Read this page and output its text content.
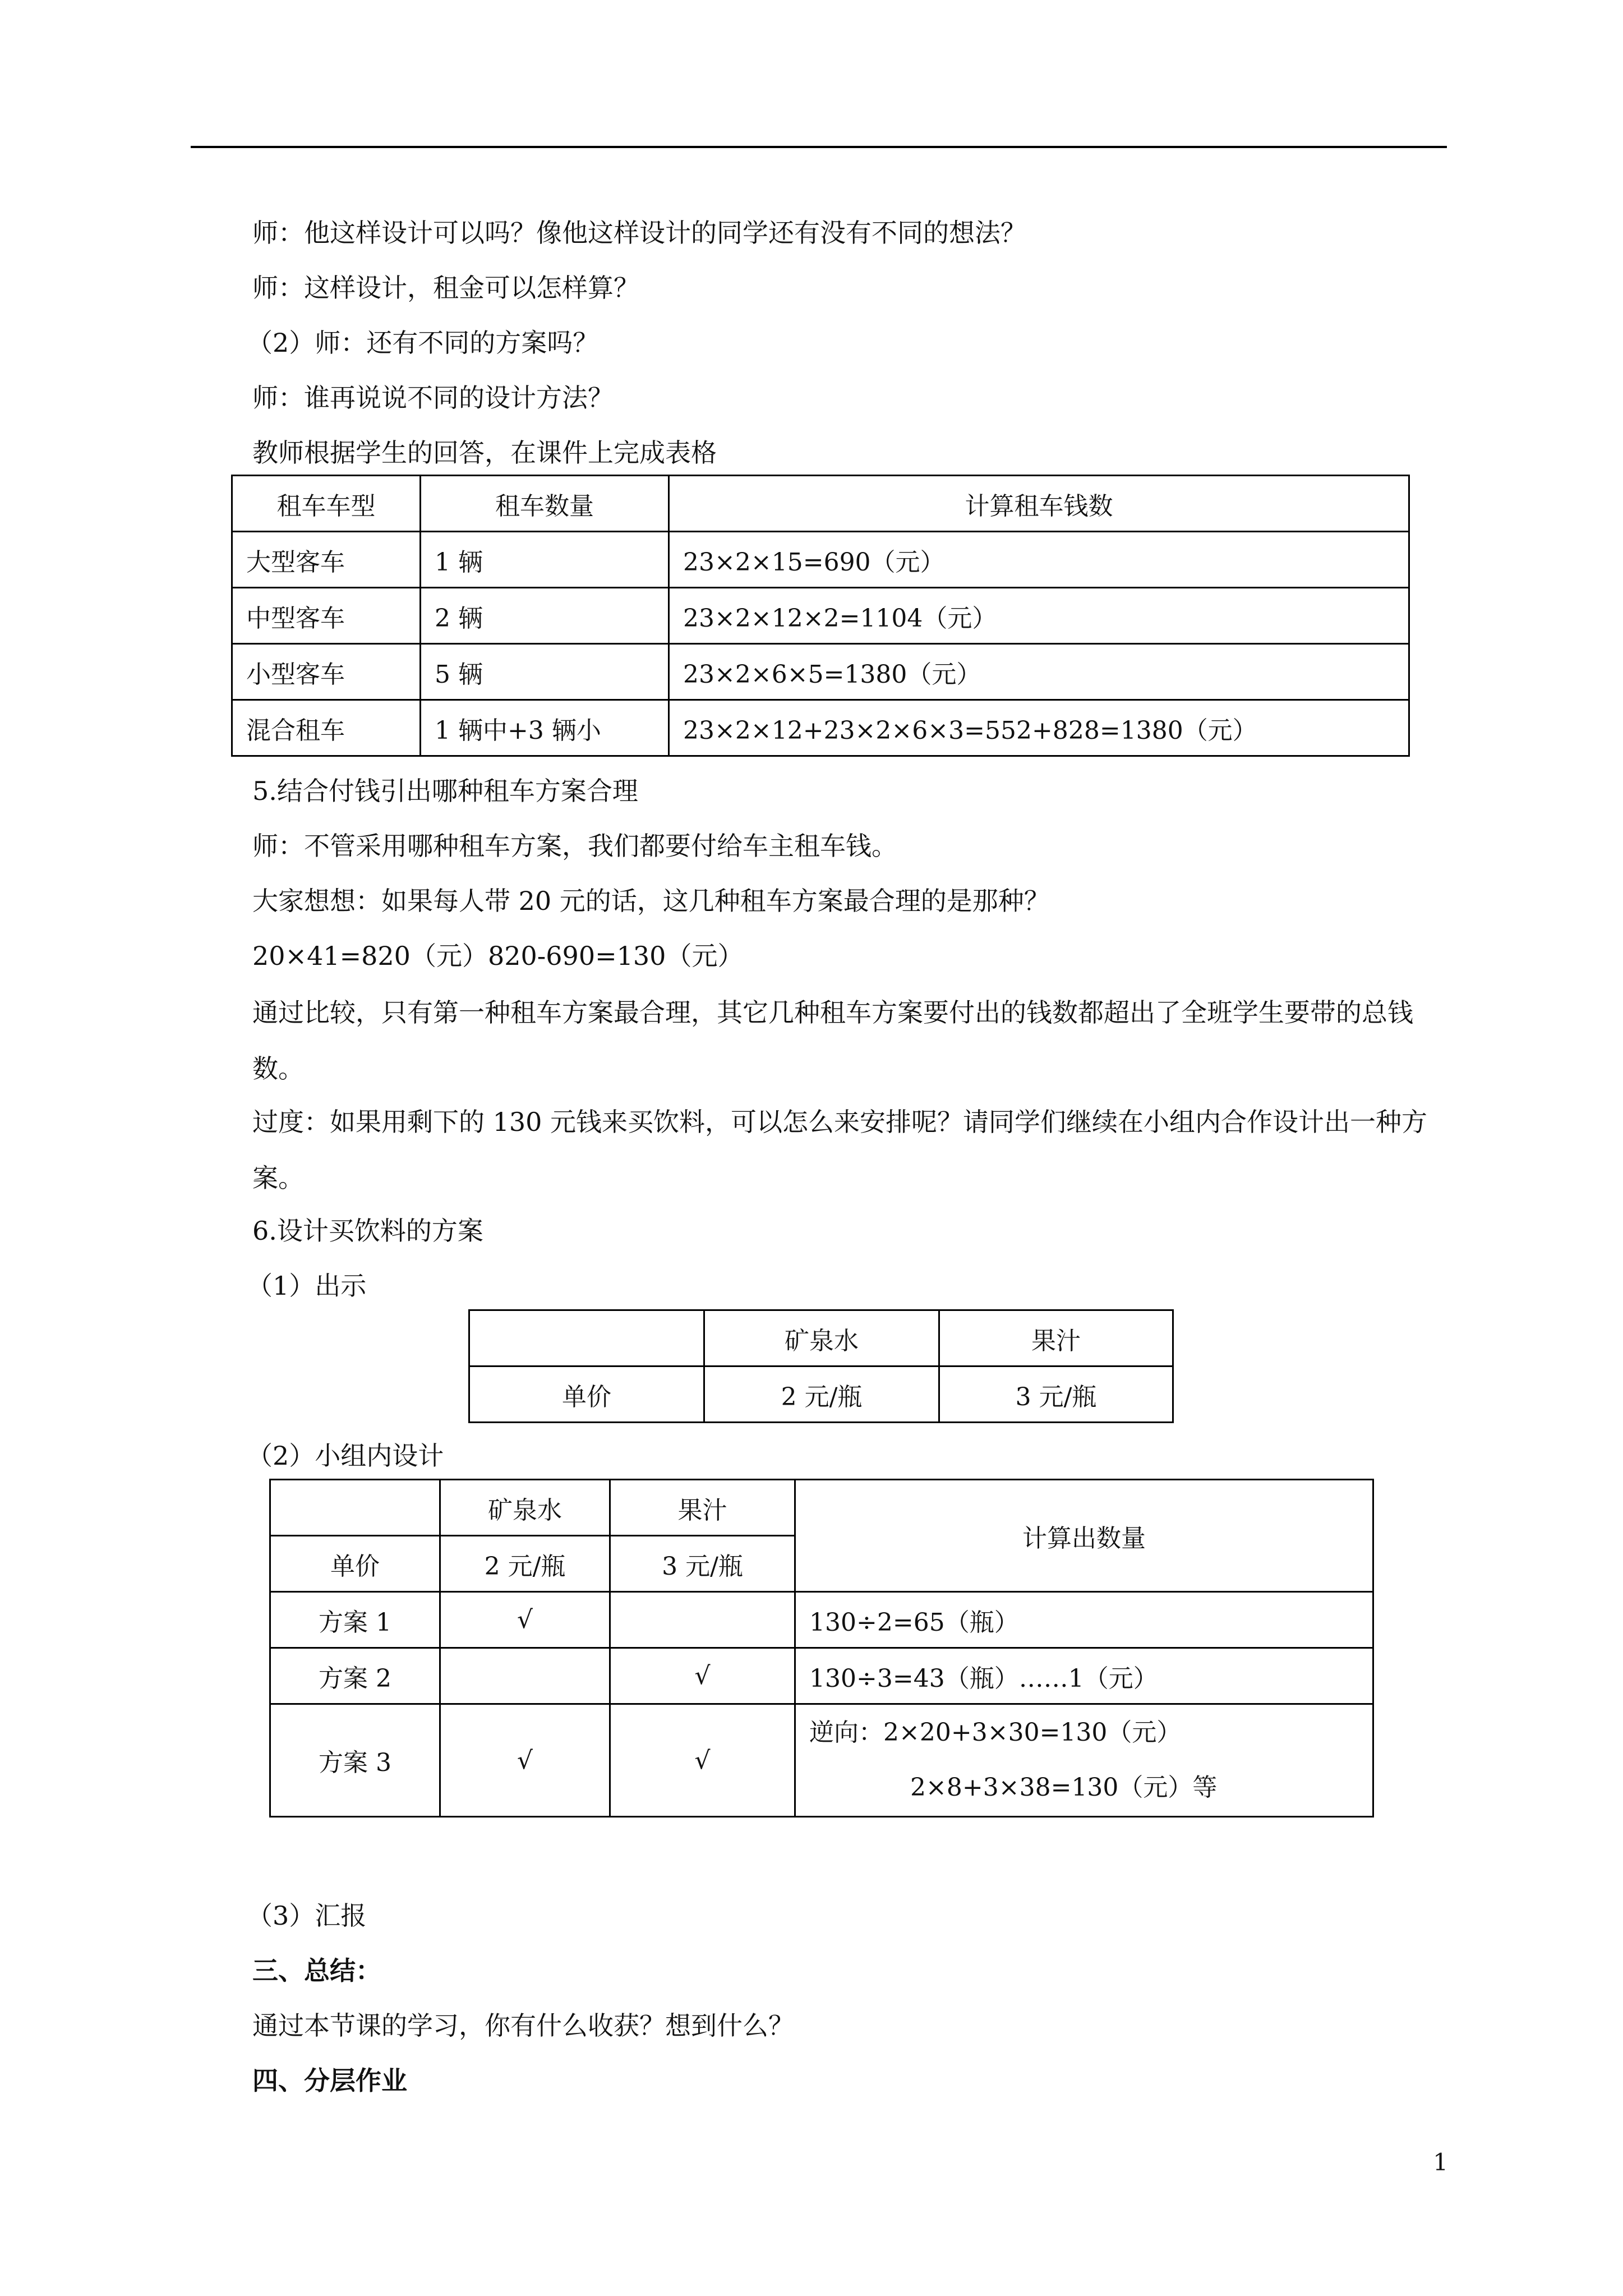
师：他这样设计可以吗？像他这样设计的同学还有没有不同的想法？
师：这样设计，租金可以怎样算？
（2）师：还有不同的方案吗？
师：谁再说说不同的设计方法？
教师根据学生的回答，在课件上完成表格
租车车型	租车数量	计算租车钱数
大型客车	1 辆	23×2×15=690（元）
中型客车	2 辆	23×2×12×2=1104（元）
小型客车	5 辆	23×2×6×5=1380（元）
混合租车	1 辆中+3 辆小	23×2×12+23×2×6×3=552+828=1380（元）
5.结合付钱引出哪种租车方案合理
师：不管采用哪种租车方案，我们都要付给车主租车钱。
大家想想：如果每人带 20 元的话，这几种租车方案最合理的是那种？
20×41=820（元）820-690=130（元）
通过比较，只有第一种租车方案最合理，其它几种租车方案要付出的钱数都超出了全班学生要带的总钱数。
过度：如果用剩下的 130 元钱来买饮料，可以怎么来安排呢？请同学们继续在小组内合作设计出一种方案。
6.设计买饮料的方案
（1）出示
	矿泉水	果汁
单价	2 元/瓶	3 元/瓶
（2）小组内设计
	矿泉水	果汁	计算出数量
单价	2 元/瓶	3 元/瓶	
方案 1	√		130÷2=65（瓶）
方案 2		√	130÷3=43（瓶）……1（元）
方案 3	√	√	逆向：2×20+3×30=130（元）
2×8+3×38=130（元）等
（3）汇报
三、总结：
通过本节课的学习，你有什么收获？想到什么？
四、分层作业
1
